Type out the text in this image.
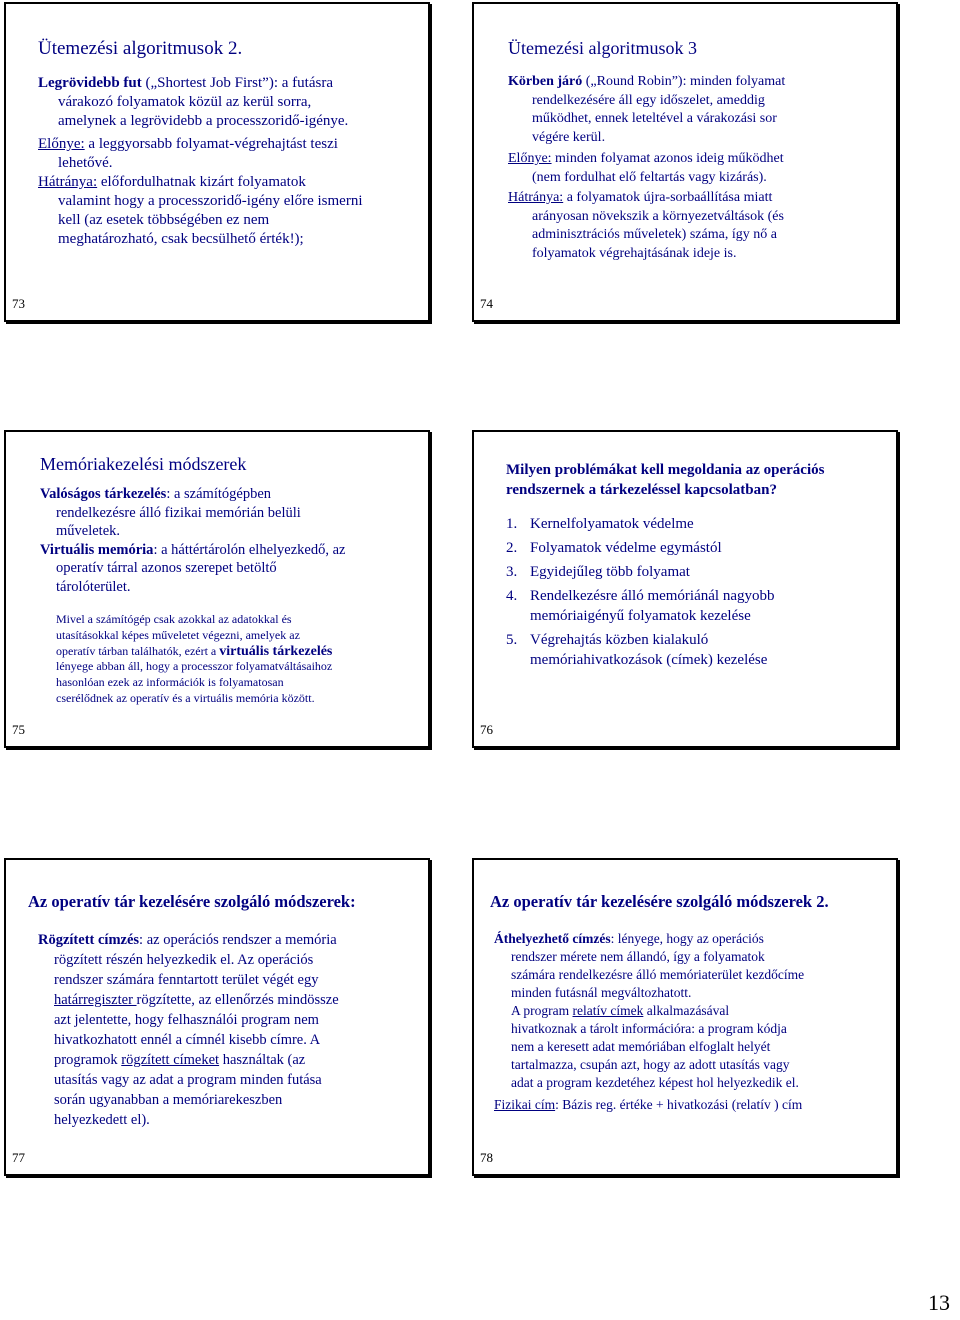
Ütemezési algoritmusok 2.

Legrövidebb fut („Shortest Job First”): a futásra

várakozó folyamatok közül az kerül sorra,

amelynek a legrövidebb a processzoridő-igénye.

Előnye: a leggyorsabb folyamat-végrehajtást teszi

lehetővé.

Hátránya: előfordulhatnak kizárt folyamatok

valamint hogy a processzoridő-igény előre ismerni

kell (az esetek többségében ez nem

meghatározható, csak becsülhető érték!);

73
Ütemezési algoritmusok 3

Körben járó („Round Robin”): minden folyamat

rendelkezésére áll egy időszelet, ameddig

működhet, ennek leteltével a várakozási sor

végére kerül.

Előnye: minden folyamat azonos ideig működhet

(nem fordulhat elő feltartás vagy kizárás).

Hátránya: a folyamatok újra-sorbaállítása miatt

arányosan növekszik a környezetváltások (és

adminisztrációs műveletek) száma, így nő a

folyamatok végrehajtásának ideje is.

74
Memóriakezelési módszerek

Valóságos tárkezelés: a számítógépben

rendelkezésre álló fizikai memórián belüli

műveletek.

Virtuális memória: a háttértárolón elhelyezkedő, az

operatív tárral azonos szerepet betöltő

tárolóterület.

Mivel a számítógép csak azokkal az adatokkal és

utasításokkal képes műveletet végezni, amelyek az

operatív tárban találhatók, ezért a virtuális tárkezelés

lényege abban áll, hogy a processzor folyamatváltásaihoz

hasonlóan ezek az információk is folyamatosan

cserélődnek az operatív és a virtuális memória között.

75

Milyen problémákat kell megoldania az operációs

rendszernek a tárkezeléssel kapcsolatban?

1. Kernelfolyamatok védelme
2. Folyamatok védelme egymástól
3. Egyidejűleg több folyamat
4. Rendelkezésre álló memóriánál nagyobb
memóriaigényű folyamatok kezelése
5. Végrehajtás közben kialakuló
memóriahivatkozások (címek) kezelése
76
Az operatív tár kezelésére szolgáló módszerek:

Rögzített címzés: az operációs rendszer a memória

rögzített részén helyezkedik el. Az operációs

rendszer számára fenntartott terület végét egy

határregiszter rögzítette, az ellenőrzés mindössze

azt jelentette, hogy felhasználói program nem

hivatkozhatott ennél a címnél kisebb címre. A

programok rögzített címeket használtak (az

utasítás vagy az adat a program minden futása

során ugyanabban a memóriarekeszben

helyezkedett el).

77
Az operatív tár kezelésére szolgáló módszerek 2.

Áthelyezhető címzés: lényege, hogy az operációs

rendszer mérete nem állandó, így a folyamatok

számára rendelkezésre álló memóriaterület kezdőcíme

minden futásnál megváltozhatott.

A program relatív címek alkalmazásával

hivatkoznak a tárolt információra: a program kódja

nem a keresett adat memóriában elfoglalt helyét

tartalmazza, csupán azt, hogy az adott utasítás vagy

adat a program kezdetéhez képest hol helyezkedik el.

Fizikai cím: Bázis reg. értéke + hivatkozási (relatív ) cím

78
13
